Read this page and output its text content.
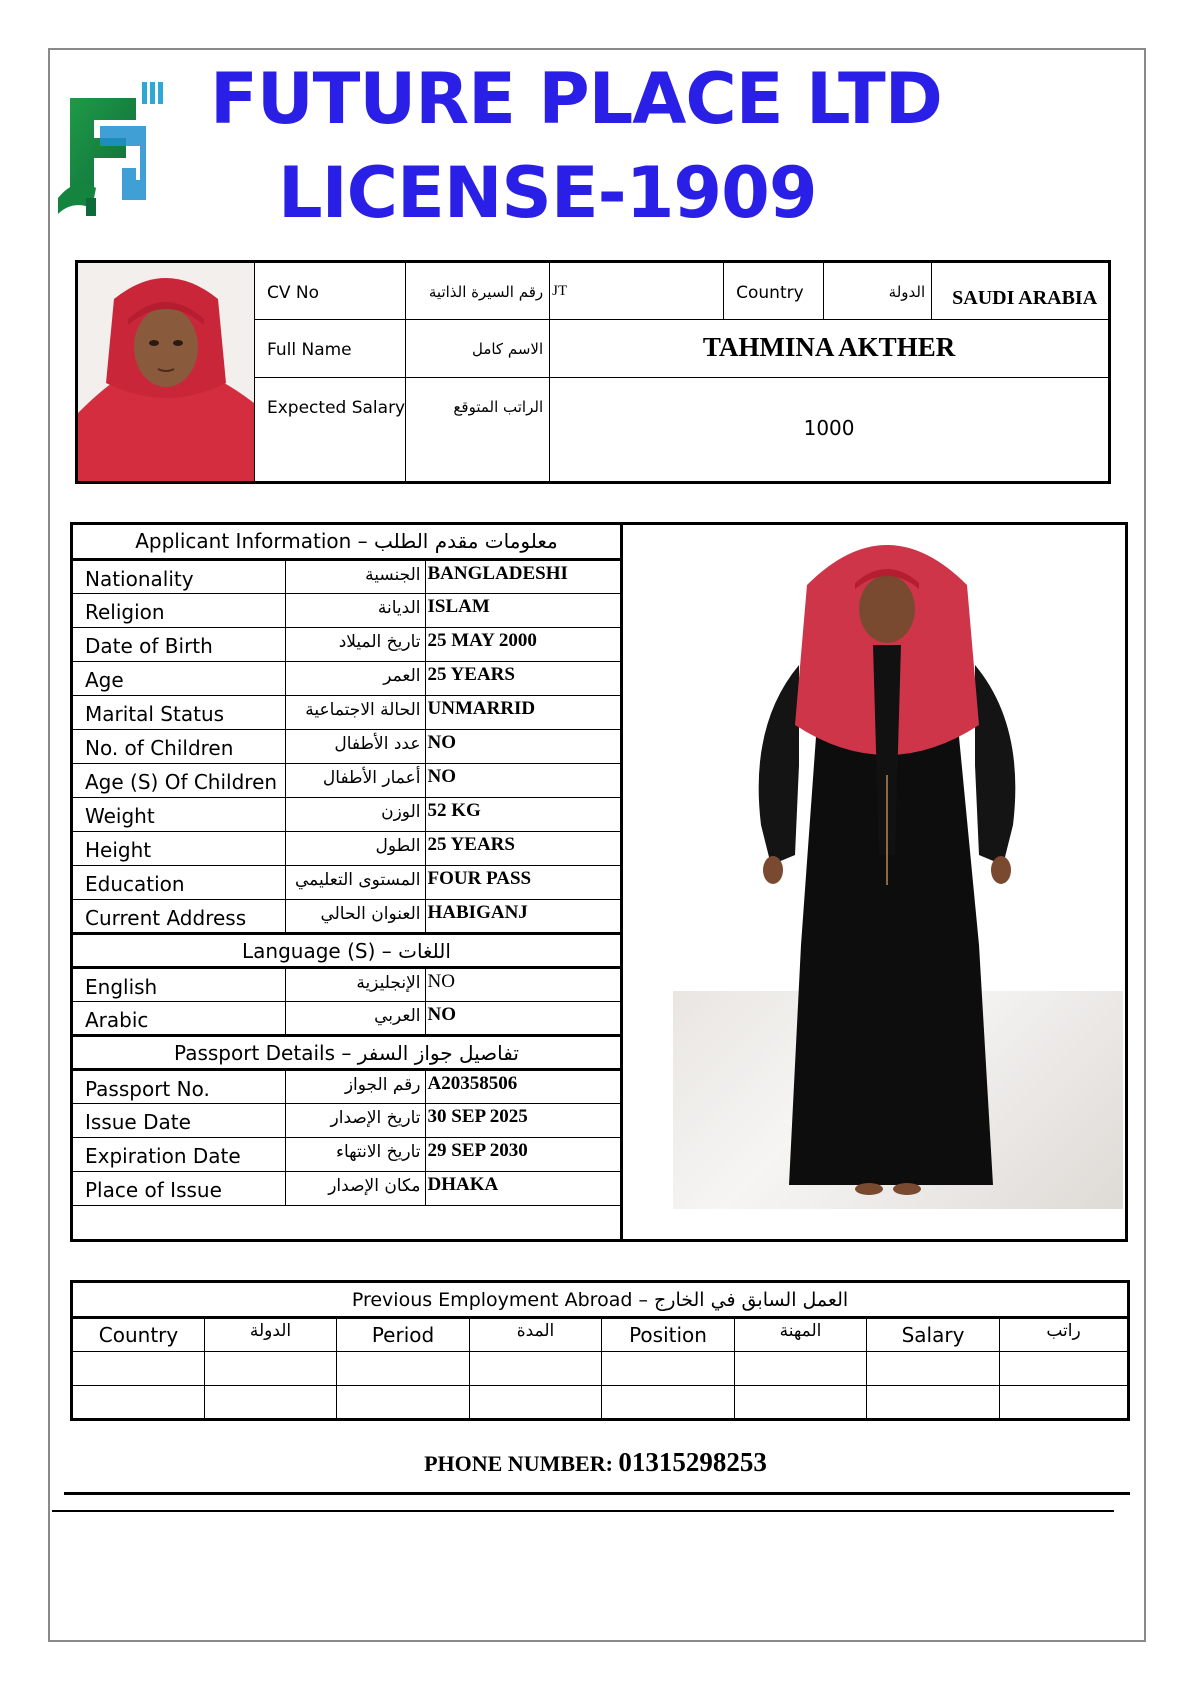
FUTURE PLACE LTD
LICENSE-1909

CV No	رقم السيرة الذاتية	JT	Country	الدولة	SAUDI ARABIA

	Full Name	الاسم كامل	TAHMINA AKTHER			

	Expected Salary	الراتب المتوقع	1000			
Applicant Information – معلومات مقدم الطلب		
Nationality	الجنسية	BANGLADESHI
Religion	الديانة	ISLAM
Date of Birth	تاريخ الميلاد	25 MAY 2000
Age	العمر	25 YEARS
Marital Status	الحالة الاجتماعية	UNMARRID
No. of Children	عدد الأطفال	NO
Age (S) Of Children	أعمار الأطفال	NO
Weight	الوزن	52 KG
Height	الطول	25 YEARS
Education	المستوى التعليمي	FOUR PASS
Current Address	العنوان الحالي	HABIGANJ
Language (S) – اللغات		
English	الإنجليزية	NO
Arabic	العربي	NO
Passport Details – تفاصيل جواز السفر		
Passport No.	رقم الجواز	A20358506
Issue Date	تاريخ الإصدار	30 SEP 2025
Expiration Date	تاريخ الانتهاء	29 SEP 2030
Place of Issue	مكان الإصدار	DHAKA
Previous Employment Abroad – العمل السابق في الخارج							
Country	الدولة	Period	المدة	Position	المهنة	Salary	راتب

PHONE NUMBER: 01315298253
